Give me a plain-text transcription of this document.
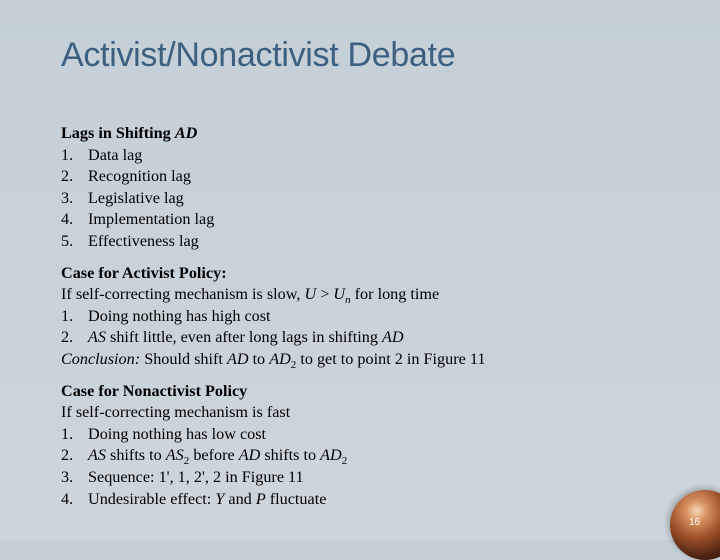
Activist/Nonactivist Debate
Lags in Shifting AD
1. Data lag
2. Recognition lag
3. Legislative lag
4. Implementation lag
5. Effectiveness lag
Case for Activist Policy:
If self-correcting mechanism is slow, $U > U_n$ for long time
1. Doing nothing has high cost
2. AS shift little, even after long lags in shifting AD
Conclusion: Should shift AD to $AD_2$ to get to point 2 in Figure 11
Case for Nonactivist Policy
If self-correcting mechanism is fast
1. Doing nothing has low cost
2. AS shifts to $AS_2$ before AD shifts to $AD_2$
3. Sequence: 1', 1, 2', 2 in Figure 11
4. Undesirable effect: Y and P fluctuate
16
